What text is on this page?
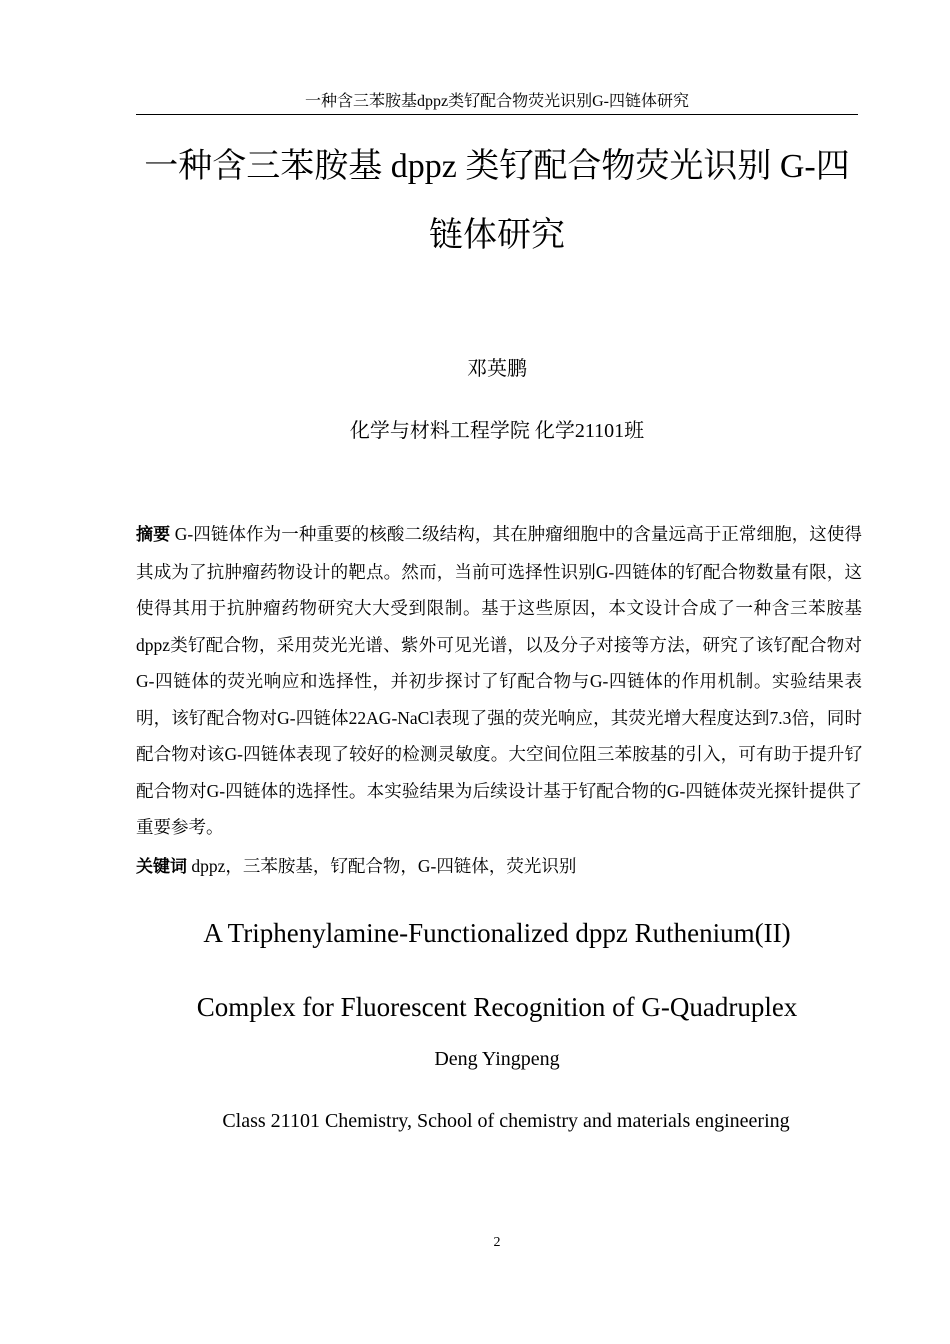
一种含三苯胺基dppz类钌配合物荧光识别G-四链体研究
一种含三苯胺基 dppz 类钌配合物荧光识别 G-四
链体研究
邓英鹏
化学与材料工程学院 化学21101班
摘要 G-四链体作为一种重要的核酸二级结构，其在肿瘤细胞中的含量远高于正常细胞，这使得其成为了抗肿瘤药物设计的靶点。然而，当前可选择性识别G-四链体的钌配合物数量有限，这使得其用于抗肿瘤药物研究大大受到限制。基于这些原因，本文设计合成了一种含三苯胺基dppz类钌配合物，采用荧光光谱、紫外可见光谱，以及分子对接等方法，研究了该钌配合物对G-四链体的荧光响应和选择性，并初步探讨了钌配合物与G-四链体的作用机制。实验结果表明，该钌配合物对G-四链体22AG-NaCl表现了强的荧光响应，其荧光增大程度达到7.3倍，同时配合物对该G-四链体表现了较好的检测灵敏度。大空间位阻三苯胺基的引入，可有助于提升钌配合物对G-四链体的选择性。本实验结果为后续设计基于钌配合物的G-四链体荧光探针提供了重要参考。
关键词 dppz，三苯胺基，钌配合物，G-四链体，荧光识别
A Triphenylamine-Functionalized dppz Ruthenium(II)
Complex for Fluorescent Recognition of G-Quadruplex
Deng Yingpeng
Class 21101 Chemistry, School of chemistry and materials engineering
2
